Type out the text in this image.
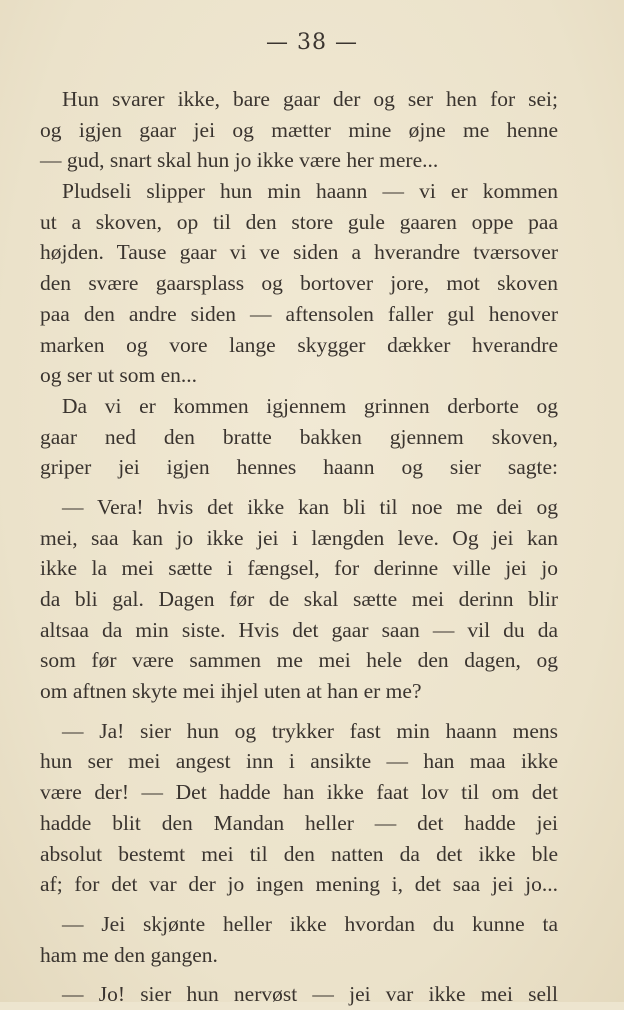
— 38 —
Hun svarer ikke, bare gaar der og ser hen for sei;
og igjen gaar jei og mætter mine øjne me henne
— gud, snart skal hun jo ikke være her mere...
Pludseli slipper hun min haann — vi er kommen
ut a skoven, op til den store gule gaaren oppe paa
højden. Tause gaar vi ve siden a hverandre tværsover
den svære gaarsplass og bortover jore, mot skoven
paa den andre siden — aftensolen faller gul henover
marken og vore lange skygger dækker hverandre
og ser ut som en...
Da vi er kommen igjennem grinnen derborte og
gaar ned den bratte bakken gjennem skoven,
griper jei igjen hennes haann og sier sagte:
— Vera! hvis det ikke kan bli til noe me dei og
mei, saa kan jo ikke jei i længden leve. Og jei kan
ikke la mei sætte i fængsel, for derinne ville jei jo
da bli gal. Dagen før de skal sætte mei derinn blir
altsaa da min siste. Hvis det gaar saan — vil du da
som før være sammen me mei hele den dagen, og
om aftnen skyte mei ihjel uten at han er me?
— Ja! sier hun og trykker fast min haann mens
hun ser mei angest inn i ansikte — han maa ikke
være der! — Det hadde han ikke faat lov til om det
hadde blit den Mandan heller — det hadde jei
absolut bestemt mei til den natten da det ikke ble
af; for det var der jo ingen mening i, det saa jei jo...
— Jei skjønte heller ikke hvordan du kunne ta
ham me den gangen.
— Jo! sier hun nervøst — jei var ikke mei sell
